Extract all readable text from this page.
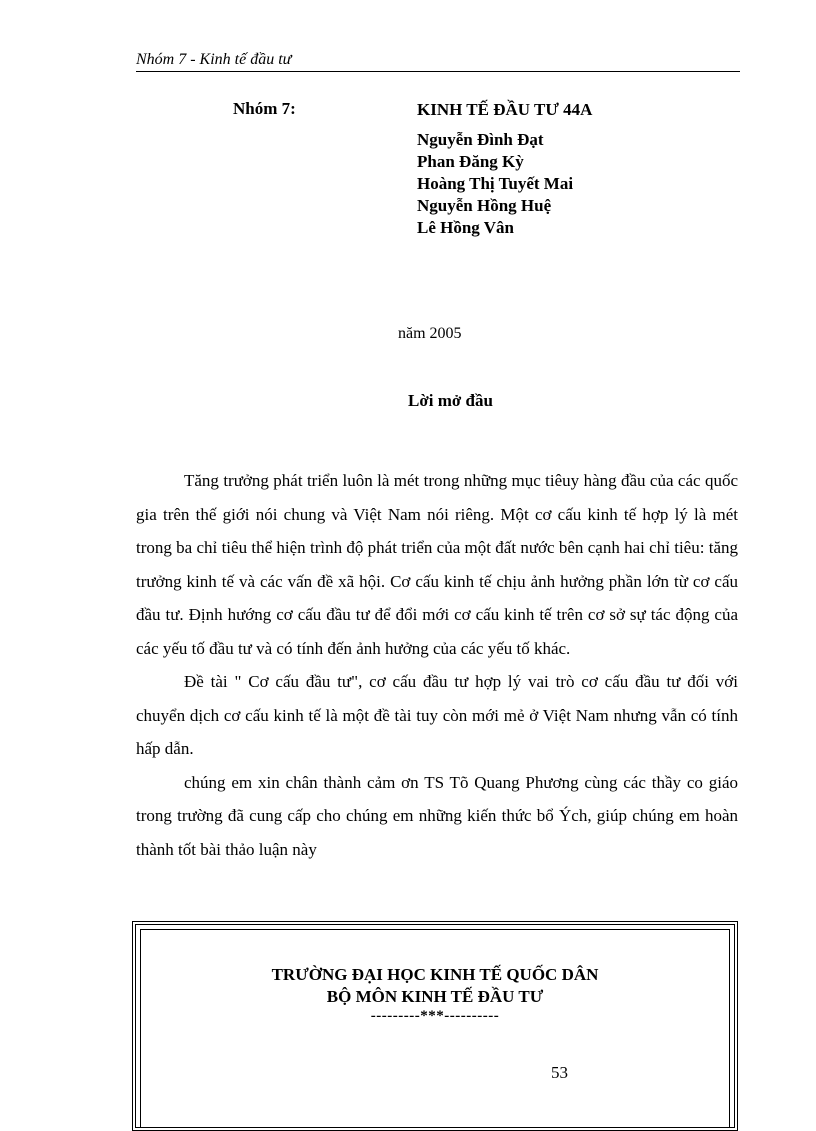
Nhóm 7 - Kinh tế đầu tư
Nhóm 7:	KINH TẾ ĐẦU TƯ 44A
Nguyễn Đình Đạt
Phan Đăng Kỳ
Hoàng Thị Tuyết Mai
Nguyễn Hồng Huệ
Lê Hồng Vân
năm 2005
Lời mở đầu

Tăng trưởng phát triển luôn là mét trong những mục tiêuy hàng đầu của các quốc gia trên thế giới nói chung và Việt Nam nói riêng. Một cơ cấu kinh tế hợp lý là mét trong ba chỉ tiêu thể hiện trình độ phát triển của một đất nước bên cạnh hai chỉ tiêu: tăng trưởng kinh tế và các vấn đề xã hội. Cơ cấu kinh tế chịu ảnh hưởng phần lớn từ cơ cấu đầu tư. Định hướng cơ cấu đầu tư để đổi mới cơ cấu kinh tế trên cơ sở sự tác động của các yếu tố đầu tư và có tính đến ảnh hưởng của các yếu tố khác.

Đề tài " Cơ cấu đầu tư", cơ cấu đầu tư hợp lý vai trò cơ cấu đầu tư đối với chuyển dịch cơ cấu kinh tế là một đề tài tuy còn mới mẻ ở Việt Nam nhưng vẫn có tính hấp dẫn.

chúng em xin chân thành cảm ơn TS Tõ Quang Phương cùng các thầy co giáo trong trường đã cung cấp cho chúng em những kiến thức bổ Ých, giúp chúng em hoàn thành tốt bài thảo luận này

TRƯỜNG ĐẠI HỌC KINH TẾ QUỐC DÂN
BỘ MÔN KINH TẾ ĐẦU TƯ
---------***----------
53
